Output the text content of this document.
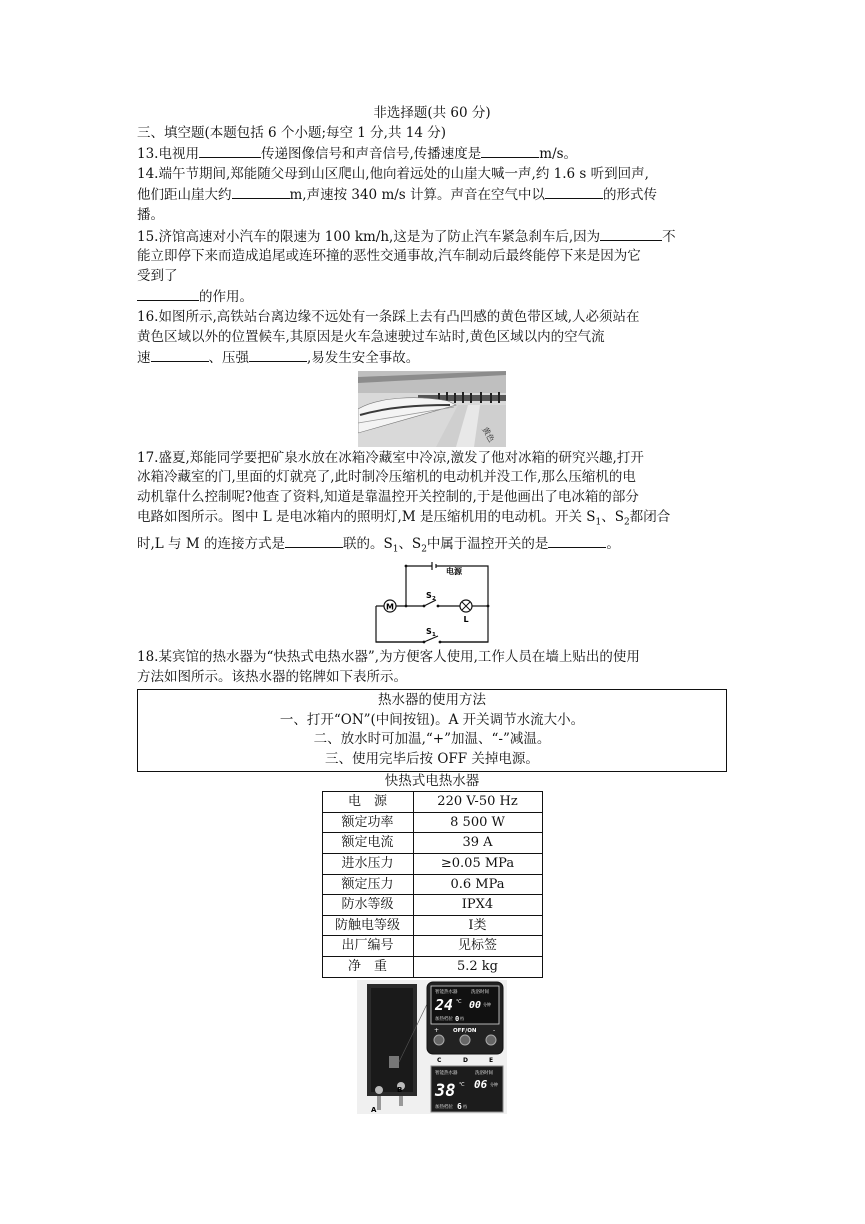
非选择题(共 60 分)

三、填空题(本题包括 6 个小题;每空 1 分,共 14 分)

13.电视用	传递图像信号和声音信号,传播速度是	m/s。

14.端午节期间,郑能随父母到山区爬山,他向着远处的山崖大喊一声,约 1.6 s 听到回声,

他们距山崖大约	m,声速按 340 m/s 计算。声音在空气中以	的形式传

播。

15.济馆高速对小汽车的限速为 100 km/h,这是为了防止汽车紧急刹车后,因为	不

能立即停下来而造成追尾或连环撞的恶性交通事故,汽车制动后最终能停下来是因为它

受到了

的作用。

16.如图所示,高铁站台离边缘不远处有一条踩上去有凸凹感的黄色带区域,人必须站在

黄色区域以外的位置候车,其原因是火车急速驶过车站时,黄色区域以内的空气流

速	、压强	,易发生安全事故。

黄色

17.盛夏,郑能同学要把矿泉水放在冰箱冷藏室中冷凉,激发了他对冰箱的研究兴趣,打开

冰箱冷藏室的门,里面的灯就亮了,此时制冷压缩机的电动机并没工作,那么压缩机的电

动机靠什么控制呢?他查了资料,知道是靠温控开关控制的,于是他画出了电冰箱的部分

电路如图所示。图中 L 是电冰箱内的照明灯,M 是压缩机用的电动机。开关 $S_1$、$S_2$都闭合

时,L 与 M 的连接方式是	联的。$S_1$、$S_2$中属于温控开关的是	。

M
L
电源
S 2
S 1

18.某宾馆的热水器为“快热式电热水器”,为方便客人使用,工作人员在墙上贴出的使用

方法如图所示。该热水器的铭牌如下表所示。

热水器的使用方法
一、打开“ON”(中间按钮)。A 开关调节水流大小。
二、放水时可加温,“+”加温、“-”减温。
三、使用完毕后按 OFF 关掉电源。

快热式电热水器

电　源	220 V-50 Hz
额定功率	8 500 W
额定电流	39 A
进水压力	≥0.05 MPa
额定压力	0.6 MPa
防水等级	IPX4
防触电等级	Ⅰ类
出厂编号	见标签
净　重	5.2 kg
A
B
智能热水器	洗浴时间
24 ℃ 00 分钟
加热档位 0 档
+	OFF/ON	-
C	D	E
智能热水器	洗浴时间
38 ℃ 06 分钟
加热档位 6 档
